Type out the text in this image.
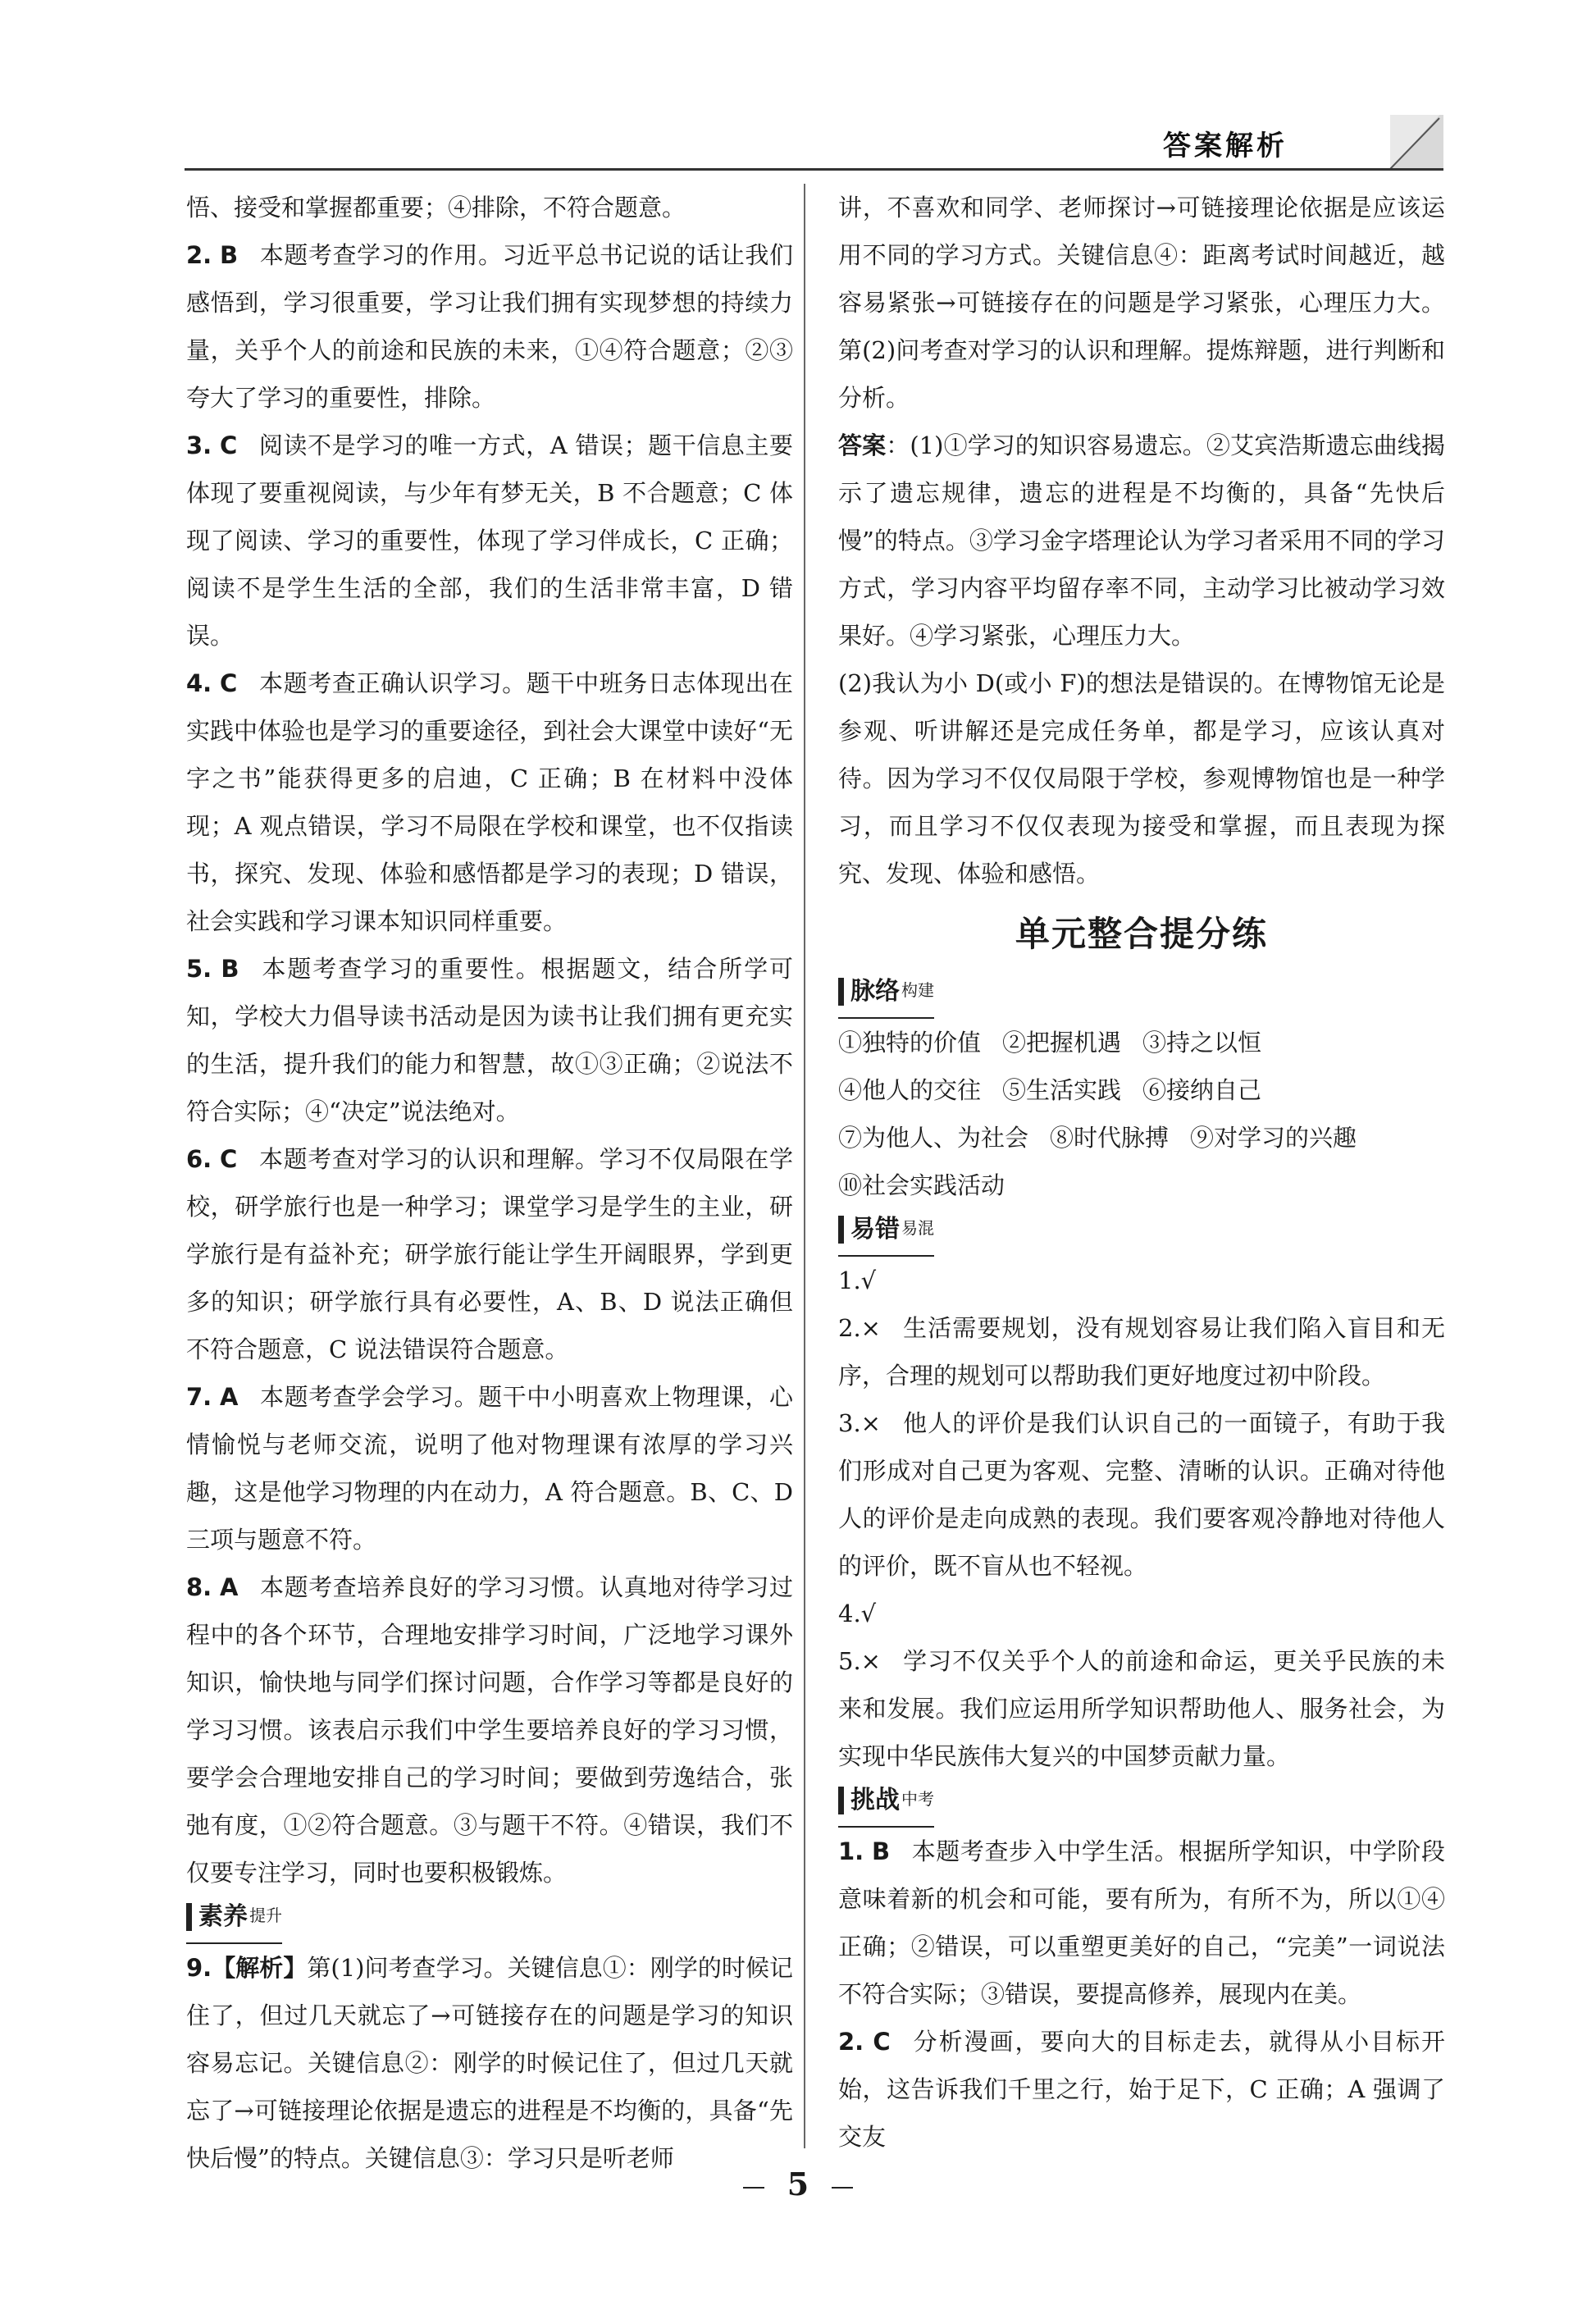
答案解析

悟、接受和掌握都重要；④排除，不符合题意。

2. B 本题考查学习的作用。习近平总书记说的话让我们感悟到，学习很重要，学习让我们拥有实现梦想的持续力量，关乎个人的前途和民族的未来，①④符合题意；②③夸大了学习的重要性，排除。

3. C 阅读不是学习的唯一方式，A 错误；题干信息主要体现了要重视阅读，与少年有梦无关，B 不合题意；C 体现了阅读、学习的重要性，体现了学习伴成长，C 正确；阅读不是学生生活的全部，我们的生活非常丰富，D 错误。

4. C 本题考查正确认识学习。题干中班务日志体现出在实践中体验也是学习的重要途径，到社会大课堂中读好“无字之书”能获得更多的启迪，C 正确；B 在材料中没体现；A 观点错误，学习不局限在学校和课堂，也不仅指读书，探究、发现、体验和感悟都是学习的表现；D 错误，社会实践和学习课本知识同样重要。

5. B 本题考查学习的重要性。根据题文，结合所学可知，学校大力倡导读书活动是因为读书让我们拥有更充实的生活，提升我们的能力和智慧，故①③正确；②说法不符合实际；④“决定”说法绝对。

6. C 本题考查对学习的认识和理解。学习不仅局限在学校，研学旅行也是一种学习；课堂学习是学生的主业，研学旅行是有益补充；研学旅行能让学生开阔眼界，学到更多的知识；研学旅行具有必要性，A、B、D 说法正确但不符合题意，C 说法错误符合题意。

7. A 本题考查学会学习。题干中小明喜欢上物理课，心情愉悦与老师交流，说明了他对物理课有浓厚的学习兴趣，这是他学习物理的内在动力，A 符合题意。B、C、D 三项与题意不符。

8. A 本题考查培养良好的学习习惯。认真地对待学习过程中的各个环节，合理地安排学习时间，广泛地学习课外知识，愉快地与同学们探讨问题，合作学习等都是良好的学习习惯。该表启示我们中学生要培养良好的学习习惯，要学会合理地安排自己的学习时间；要做到劳逸结合，张弛有度，①②符合题意。③与题干不符。④错误，我们不仅要专注学习，同时也要积极锻炼。

素养 提升

9.【解析】第(1)问考查学习。关键信息①：刚学的时候记住了，但过几天就忘了→可链接存在的问题是学习的知识容易忘记。关键信息②：刚学的时候记住了，但过几天就忘了→可链接理论依据是遗忘的进程是不均衡的，具备“先快后慢”的特点。关键信息③：学习只是听老师

讲，不喜欢和同学、老师探讨→可链接理论依据是应该运用不同的学习方式。关键信息④：距离考试时间越近，越容易紧张→可链接存在的问题是学习紧张，心理压力大。第(2)问考查对学习的认识和理解。提炼辩题，进行判断和分析。

答案：(1)①学习的知识容易遗忘。②艾宾浩斯遗忘曲线揭示了遗忘规律，遗忘的进程是不均衡的，具备“先快后慢”的特点。③学习金字塔理论认为学习者采用不同的学习方式，学习内容平均留存率不同，主动学习比被动学习效果好。④学习紧张，心理压力大。

(2)我认为小 D(或小 F)的想法是错误的。在博物馆无论是参观、听讲解还是完成任务单，都是学习，应该认真对待。因为学习不仅仅局限于学校，参观博物馆也是一种学习，而且学习不仅仅表现为接受和掌握，而且表现为探究、发现、体验和感悟。

单元整合提分练
脉络 构建

①独特的价值 ②把握机遇 ③持之以恒

④他人的交往 ⑤生活实践 ⑥接纳自己

⑦为他人、为社会 ⑧时代脉搏 ⑨对学习的兴趣

⑩社会实践活动

易错 易混

1.√

2.× 生活需要规划，没有规划容易让我们陷入盲目和无序，合理的规划可以帮助我们更好地度过初中阶段。

3.× 他人的评价是我们认识自己的一面镜子，有助于我们形成对自己更为客观、完整、清晰的认识。正确对待他人的评价是走向成熟的表现。我们要客观冷静地对待他人的评价，既不盲从也不轻视。

4.√

5.× 学习不仅关乎个人的前途和命运，更关乎民族的未来和发展。我们应运用所学知识帮助他人、服务社会，为实现中华民族伟大复兴的中国梦贡献力量。

挑战 中考

1. B 本题考查步入中学生活。根据所学知识，中学阶段意味着新的机会和可能，要有所为，有所不为，所以①④正确；②错误，可以重塑更美好的自己，“完美”一词说法不符合实际；③错误，要提高修养，展现内在美。

2. C 分析漫画，要向大的目标走去，就得从小目标开始，这告诉我们千里之行，始于足下，C 正确；A 强调了交友

5
